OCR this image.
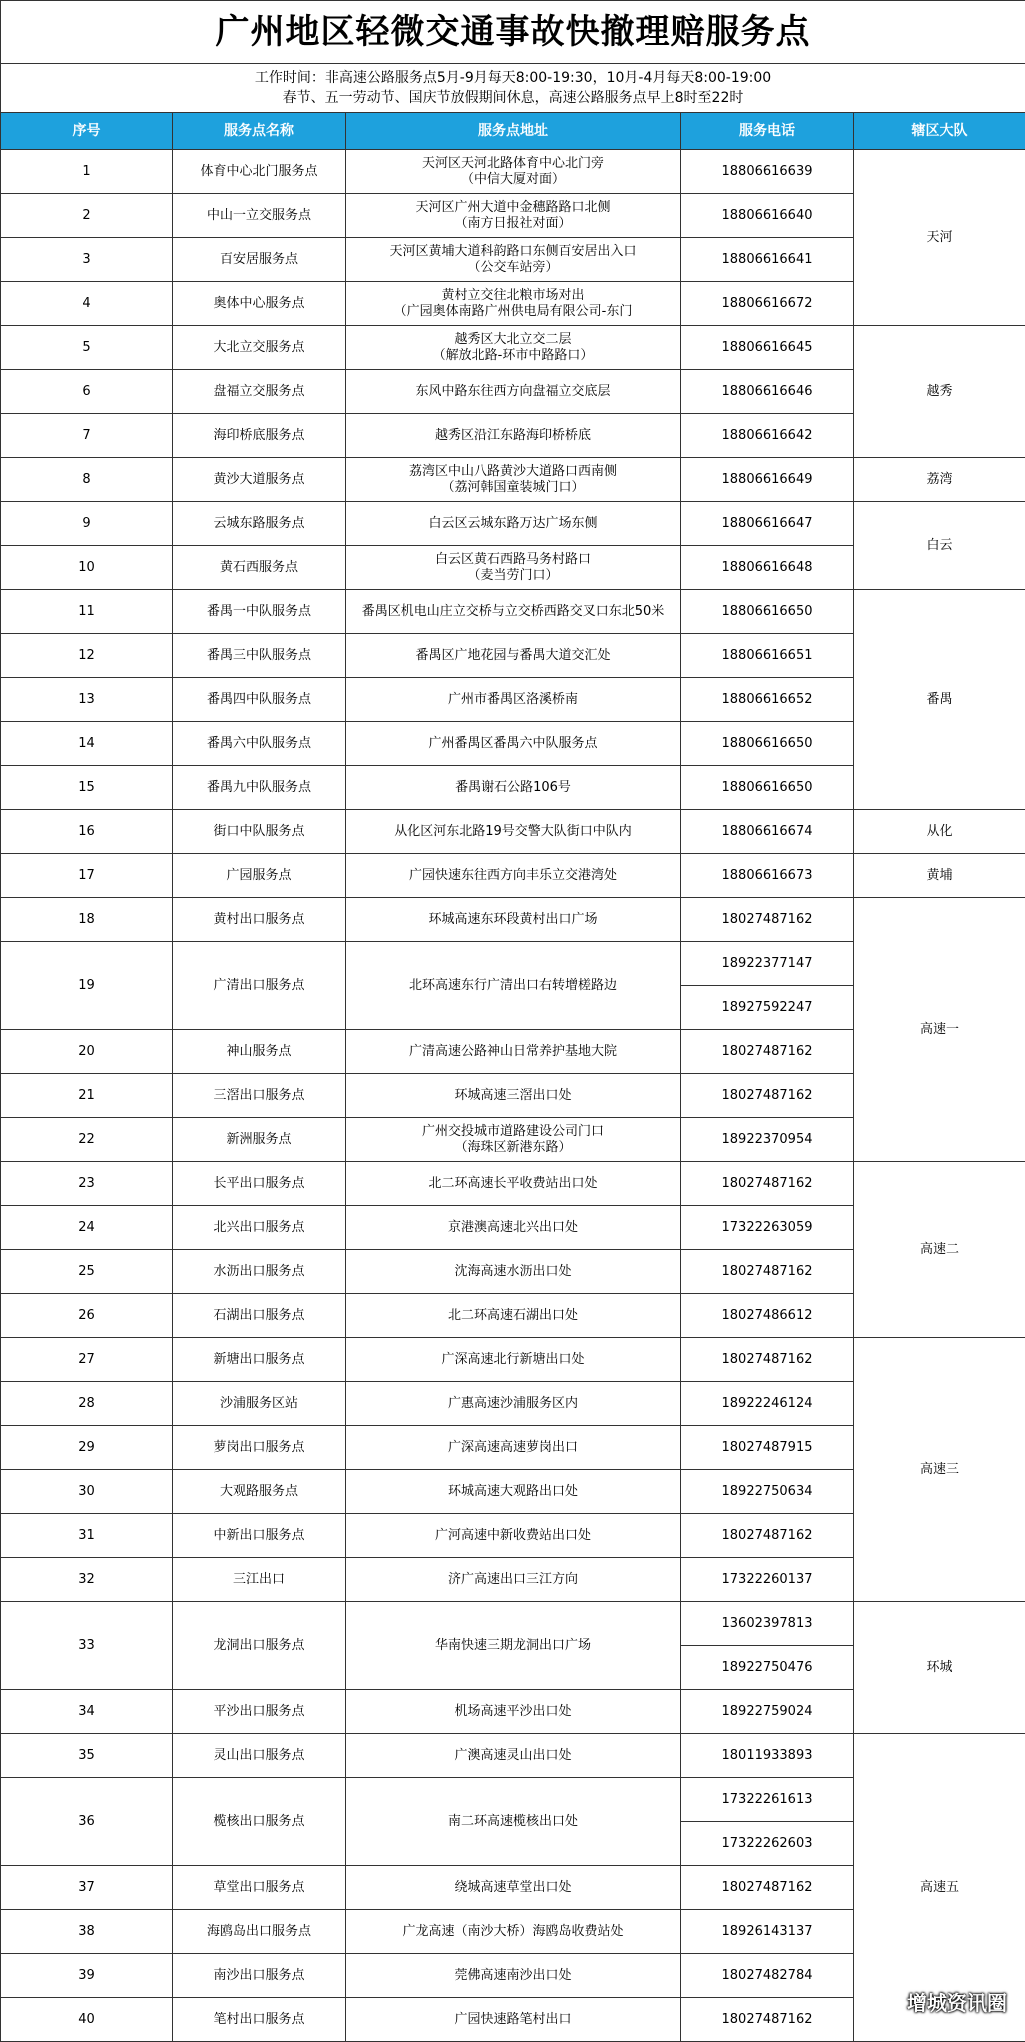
广州地区轻微交通事故快撤理赔服务点				

工作时间：非高速公路服务点5月-9月每天8:00-19:30，10月-4月每天8:00-19:00
春节、五一劳动节、国庆节放假期间休息，高速公路服务点早上8时至22时				

序号	服务点名称	服务点地址	服务电话	辖区大队
1	体育中心北门服务点	天河区天河北路体育中心北门旁
（中信大厦对面）	18806616639	天河
2	中山一立交服务点	天河区广州大道中金穗路路口北侧
（南方日报社对面）	18806616640	
3	百安居服务点	天河区黄埔大道科韵路口东侧百安居出入口
（公交车站旁）	18806616641	
4	奥体中心服务点	黄村立交往北粮市场对出
（广园奥体南路广州供电局有限公司-东门	18806616672	
5	大北立交服务点	越秀区大北立交二层
（解放北路-环市中路路口）	18806616645	越秀
6	盘福立交服务点	东风中路东往西方向盘福立交底层	18806616646	
7	海印桥底服务点	越秀区沿江东路海印桥桥底	18806616642	
8	黄沙大道服务点	荔湾区中山八路黄沙大道路口西南侧
（荔河韩国童装城门口）	18806616649	荔湾
9	云城东路服务点	白云区云城东路万达广场东侧	18806616647	白云
10	黄石西服务点	白云区黄石西路马务村路口
（麦当劳门口）	18806616648	
11	番禺一中队服务点	番禺区机电山庄立交桥与立交桥西路交叉口东北50米	18806616650	番禺
12	番禺三中队服务点	番禺区广地花园与番禺大道交汇处	18806616651	
13	番禺四中队服务点	广州市番禺区洛溪桥南	18806616652	
14	番禺六中队服务点	广州番禺区番禺六中队服务点	18806616650	
15	番禺九中队服务点	番禺谢石公路106号	18806616650	
16	街口中队服务点	从化区河东北路19号交警大队街口中队内	18806616674	从化
17	广园服务点	广园快速东往西方向丰乐立交港湾处	18806616673	黄埔
18	黄村出口服务点	环城高速东环段黄村出口广场	18027487162	高速一
19	广清出口服务点	北环高速东行广清出口右转增槎路边	18922377147	
			18927592247	
20	神山服务点	广清高速公路神山日常养护基地大院	18027487162	
21	三滘出口服务点	环城高速三滘出口处	18027487162	
22	新洲服务点	广州交投城市道路建设公司门口
（海珠区新港东路）	18922370954	
23	长平出口服务点	北二环高速长平收费站出口处	18027487162	高速二
24	北兴出口服务点	京港澳高速北兴出口处	17322263059	
25	水沥出口服务点	沈海高速水沥出口处	18027487162	
26	石湖出口服务点	北二环高速石湖出口处	18027486612	
27	新塘出口服务点	广深高速北行新塘出口处	18027487162	高速三
28	沙浦服务区站	广惠高速沙浦服务区内	18922246124	
29	萝岗出口服务点	广深高速高速萝岗出口	18027487915	
30	大观路服务点	环城高速大观路出口处	18922750634	
31	中新出口服务点	广河高速中新收费站出口处	18027487162	
32	三江出口	济广高速出口三江方向	17322260137	
33	龙洞出口服务点	华南快速三期龙洞出口广场	13602397813	环城
			18922750476	
34	平沙出口服务点	机场高速平沙出口处	18922759024	
35	灵山出口服务点	广澳高速灵山出口处	18011933893	高速五
36	榄核出口服务点	南二环高速榄核出口处	17322261613	
			17322262603	
37	草堂出口服务点	绕城高速草堂出口处	18027487162	
38	海鸥岛出口服务点	广龙高速（南沙大桥）海鸥岛收费站处	18926143137	
39	南沙出口服务点	莞佛高速南沙出口处	18027482784	
40	笔村出口服务点	广园快速路笔村出口	18027487162	
增城资讯圈
